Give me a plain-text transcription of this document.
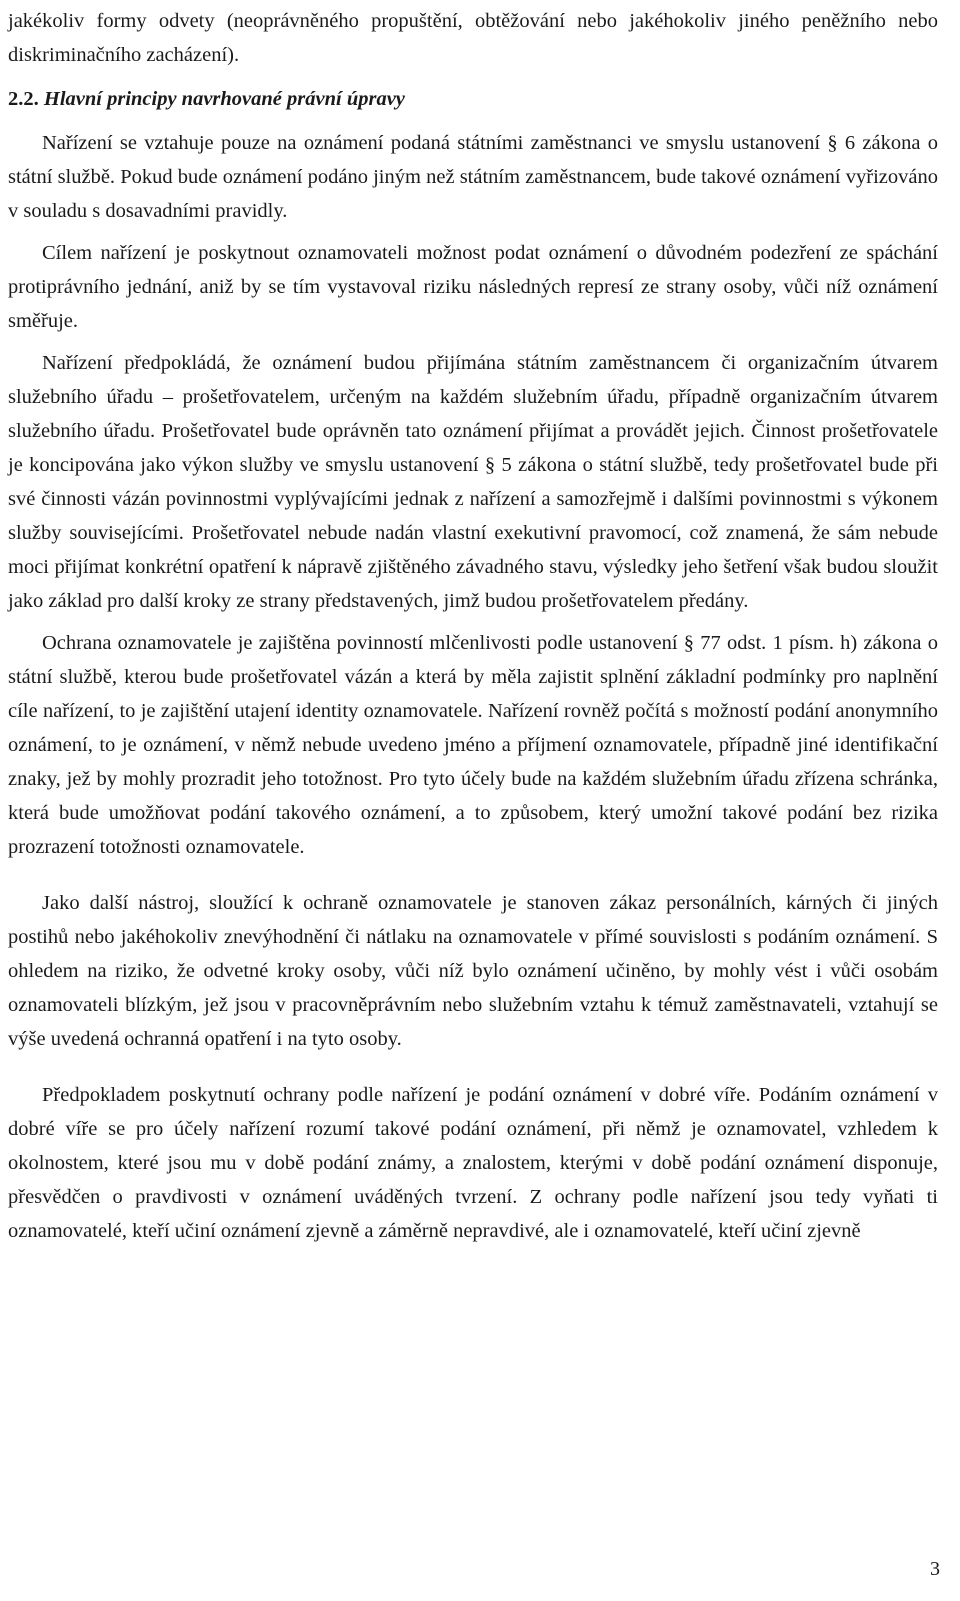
jakékoliv formy odvety (neoprávněného propuštění, obtěžování nebo jakéhokoliv jiného peněžního nebo diskriminačního zacházení).

2.2. Hlavní principy navrhované právní úpravy

Nařízení se vztahuje pouze na oznámení podaná státními zaměstnanci ve smyslu ustanovení § 6 zákona o státní službě. Pokud bude oznámení podáno jiným než státním zaměstnancem, bude takové oznámení vyřizováno v souladu s dosavadními pravidly.

Cílem nařízení je poskytnout oznamovateli možnost podat oznámení o důvodném podezření ze spáchání protiprávního jednání, aniž by se tím vystavoval riziku následných represí ze strany osoby, vůči níž oznámení směřuje.

Nařízení předpokládá, že oznámení budou přijímána státním zaměstnancem či organizačním útvarem služebního úřadu – prošetřovatelem, určeným na každém služebním úřadu, případně organizačním útvarem služebního úřadu. Prošetřovatel bude oprávněn tato oznámení přijímat a provádět jejich. Činnost prošetřovatele je koncipována jako výkon služby ve smyslu ustanovení § 5 zákona o státní službě, tedy prošetřovatel bude při své činnosti vázán povinnostmi vyplývajícími jednak z nařízení a samozřejmě i dalšími povinnostmi s výkonem služby souvisejícími. Prošetřovatel nebude nadán vlastní exekutivní pravomocí, což znamená, že sám nebude moci přijímat konkrétní opatření k nápravě zjištěného závadného stavu, výsledky jeho šetření však budou sloužit jako základ pro další kroky ze strany představených, jimž budou prošetřovatelem předány.

Ochrana oznamovatele je zajištěna povinností mlčenlivosti podle ustanovení § 77 odst. 1 písm. h) zákona o státní službě, kterou bude prošetřovatel vázán a která by měla zajistit splnění základní podmínky pro naplnění cíle nařízení, to je zajištění utajení identity oznamovatele. Nařízení rovněž počítá s možností podání anonymního oznámení, to je oznámení, v němž nebude uvedeno jméno a příjmení oznamovatele, případně jiné identifikační znaky, jež by mohly prozradit jeho totožnost. Pro tyto účely bude na každém služebním úřadu zřízena schránka, která bude umožňovat podání takového oznámení, a to způsobem, který umožní takové podání bez rizika prozrazení totožnosti oznamovatele.

Jako další nástroj, sloužící k ochraně oznamovatele je stanoven zákaz personálních, kárných či jiných postihů nebo jakéhokoliv znevýhodnění či nátlaku na oznamovatele v přímé souvislosti s podáním oznámení. S ohledem na riziko, že odvetné kroky osoby, vůči níž bylo oznámení učiněno, by mohly vést i vůči osobám oznamovateli blízkým, jež jsou v pracovněprávním nebo služebním vztahu k témuž zaměstnavateli, vztahují se výše uvedená ochranná opatření i na tyto osoby.

Předpokladem poskytnutí ochrany podle nařízení je podání oznámení v dobré víře. Podáním oznámení v dobré víře se pro účely nařízení rozumí takové podání oznámení, při němž je oznamovatel, vzhledem k okolnostem, které jsou mu v době podání známy, a znalostem, kterými v době podání oznámení disponuje, přesvědčen o pravdivosti v oznámení uváděných tvrzení. Z ochrany podle nařízení jsou tedy vyňati ti oznamovatelé, kteří učiní oznámení zjevně a záměrně nepravdivé, ale i oznamovatelé, kteří učiní zjevně

3
